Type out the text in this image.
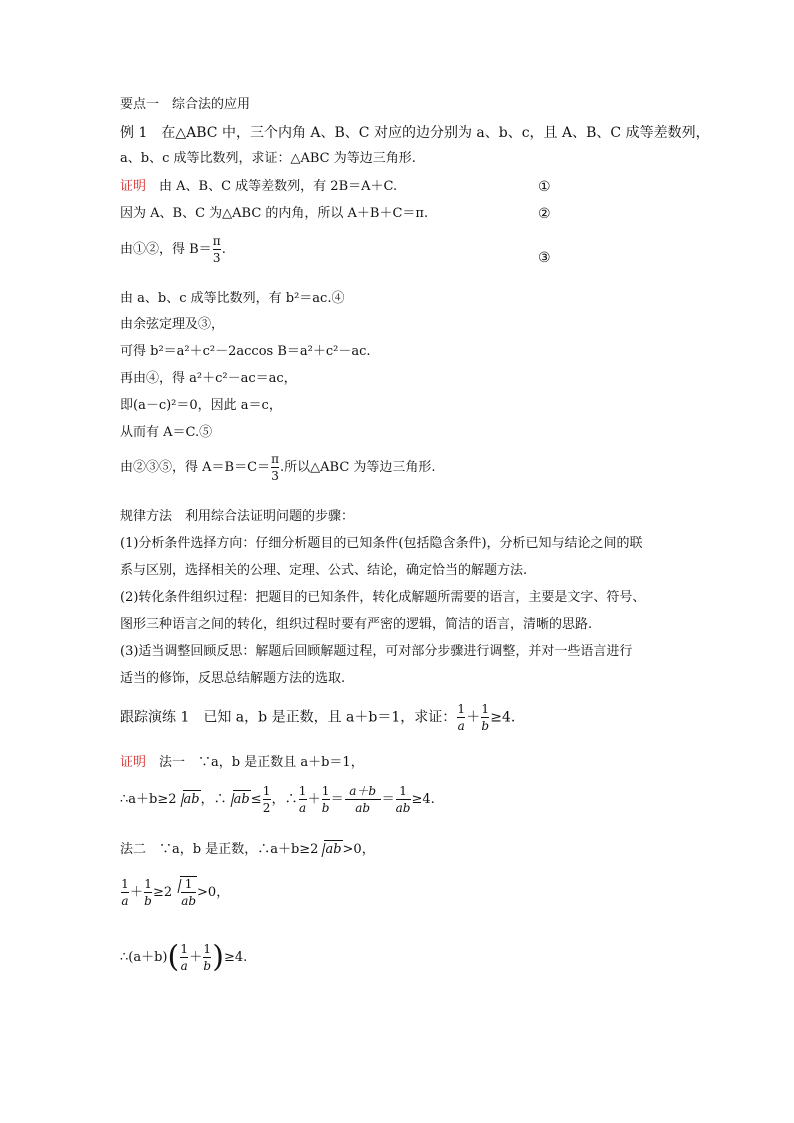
要点一　综合法的应用
例 1　在△ABC 中，三个内角 A、B、C 对应的边分别为 a、b、c，且 A、B、C 成等差数列，
a、b、c 成等比数列，求证：△ABC 为等边三角形.
证明　由 A、B、C 成等差数列，有 2B＝A＋C.	①
因为 A、B、C 为△ABC 的内角，所以 A＋B＋C＝π.	②
由①②，得 $B= \frac{\pi}{3}$ .
③
由 a、b、c 成等比数列，有 b²＝ac.④
由余弦定理及③，
可得 b²＝a²＋c²－2accos B＝a²＋c²－ac.
再由④，得 a²＋c²－ac＝ac，
即(a－c)²＝0，因此 a＝c，
从而有 A＝C.⑤
由②③⑤，得 $A=B=C= \frac{\pi}{3}$ .所以△ABC 为等边三角形.
规律方法　利用综合法证明问题的步骤：
(1)分析条件选择方向：仔细分析题目的已知条件(包括隐含条件)，分析已知与结论之间的联
系与区别，选择相关的公理、定理、公式、结论，确定恰当的解题方法.
(2)转化条件组织过程：把题目的已知条件，转化成解题所需要的语言，主要是文字、符号、
图形三种语言之间的转化，组织过程时要有严密的逻辑，简洁的语言，清晰的思路.
(3)适当调整回顾反思：解题后回顾解题过程，可对部分步骤进行调整，并对一些语言进行
适当的修饰，反思总结解题方法的选取.
跟踪演练 1　已知 a，b 是正数，且 a＋b＝1，求证： $\frac{1}{a} + \frac{1}{b} \ge 4$.
证明　法一　∵a，b 是正数且 a＋b＝1，
∴a＋b≥2 ab，∴ $ab\le \frac{1}{2}$ ，∴ $\frac{1}{a} + \frac{1}{b} = \frac{a+b}{ab} = \frac{1}{ab} \ge 4$.
法二　∵a，b 是正数，∴a＋b≥2 ab>0，
$\frac{1}{a} + \frac{1}{b} \ge 2 \frac{1}{ab} >0$，
∴(a＋b)( $\frac{1}{a} + \frac{1}{b} )\ge 4$.
